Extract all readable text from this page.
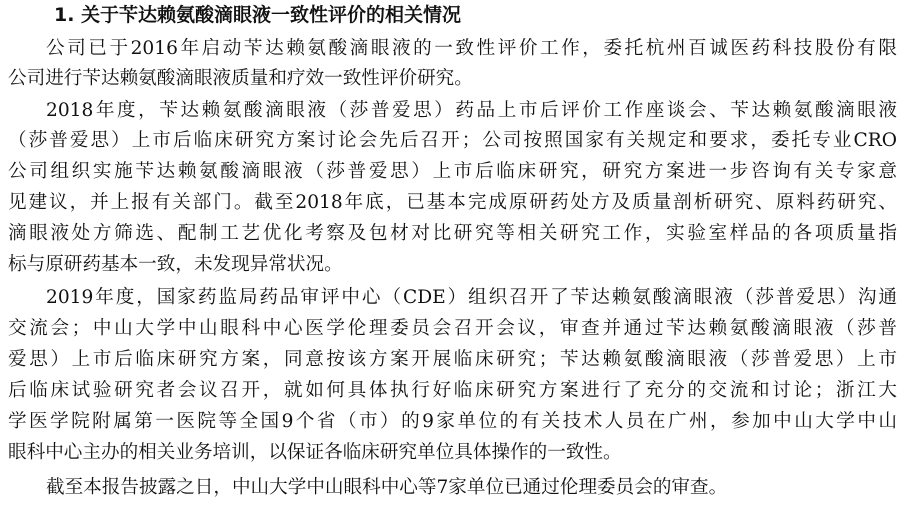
1. 关于苄达赖氨酸滴眼液一致性评价的相关情况
公司已于2016年启动苄达赖氨酸滴眼液的一致性评价工作，委托杭州百诚医药科技股份有限
公司进行苄达赖氨酸滴眼液质量和疗效一致性评价研究。
2018年度，苄达赖氨酸滴眼液（莎普爱思）药品上市后评价工作座谈会、苄达赖氨酸滴眼液
（莎普爱思）上市后临床研究方案讨论会先后召开；公司按照国家有关规定和要求，委托专业CRO
公司组织实施苄达赖氨酸滴眼液（莎普爱思）上市后临床研究，研究方案进一步咨询有关专家意
见建议，并上报有关部门。截至2018年底，已基本完成原研药处方及质量剖析研究、原料药研究、
滴眼液处方筛选、配制工艺优化考察及包材对比研究等相关研究工作，实验室样品的各项质量指
标与原研药基本一致，未发现异常状况。
2019年度，国家药监局药品审评中心（CDE）组织召开了苄达赖氨酸滴眼液（莎普爱思）沟通
交流会；中山大学中山眼科中心医学伦理委员会召开会议，审查并通过苄达赖氨酸滴眼液（莎普
爱思）上市后临床研究方案，同意按该方案开展临床研究；苄达赖氨酸滴眼液（莎普爱思）上市
后临床试验研究者会议召开，就如何具体执行好临床研究方案进行了充分的交流和讨论；浙江大
学医学院附属第一医院等全国9个省（市）的9家单位的有关技术人员在广州，参加中山大学中山
眼科中心主办的相关业务培训，以保证各临床研究单位具体操作的一致性。
截至本报告披露之日，中山大学中山眼科中心等7家单位已通过伦理委员会的审查。
